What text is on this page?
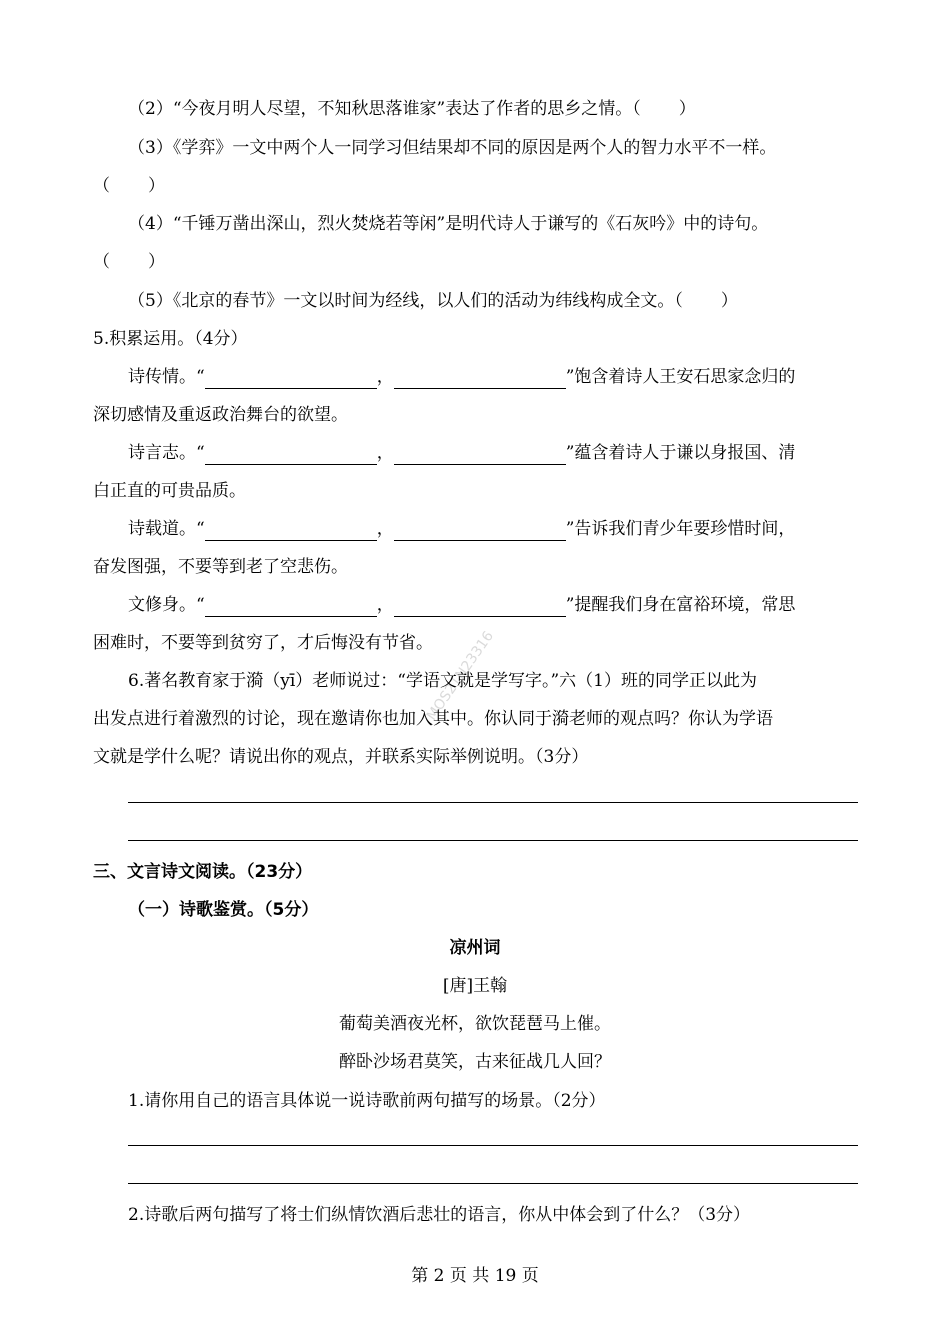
（2）“今夜月明人尽望，不知秋思落谁家”表达了作者的思乡之情。（ ）
（3）《学弈》一文中两个人一同学习但结果却不同的原因是两个人的智力水平不一样。
（ ）
（4）“千锤万凿出深山，烈火焚烧若等闲”是明代诗人于谦写的《石灰吟》中的诗句。
（ ）
（5）《北京的春节》一文以时间为经线，以人们的活动为纬线构成全文。（ ）
5.积累运用。（4分）
诗传情。“	，	”饱含着诗人王安石思家念归的
深切感情及重返政治舞台的欲望。
诗言志。“	，	”蕴含着诗人于谦以身报国、清
白正直的可贵品质。
诗载道。“	，	”告诉我们青少年要珍惜时间，
奋发图强，不要等到老了空悲伤。
文修身。“	，	”提醒我们身在富裕环境，常思
困难时，不要等到贫穷了，才后悔没有节省。
MOS21N23316
6.著名教育家于漪（yī）老师说过：“学语文就是学写字。”六（1）班的同学正以此为
出发点进行着激烈的讨论，现在邀请你也加入其中。你认同于漪老师的观点吗？你认为学语
文就是学什么呢？请说出你的观点，并联系实际举例说明。（3分）
三、文言诗文阅读。（23分）
（一）诗歌鉴赏。（5分）
凉州词
[唐]王翰
葡萄美酒夜光杯，欲饮琵琶马上催。
醉卧沙场君莫笑，古来征战几人回？
1.请你用自己的语言具体说一说诗歌前两句描写的场景。（2分）
2.诗歌后两句描写了将士们纵情饮酒后悲壮的语言，你从中体会到了什么？（3分）
第 2 页 共 19 页
